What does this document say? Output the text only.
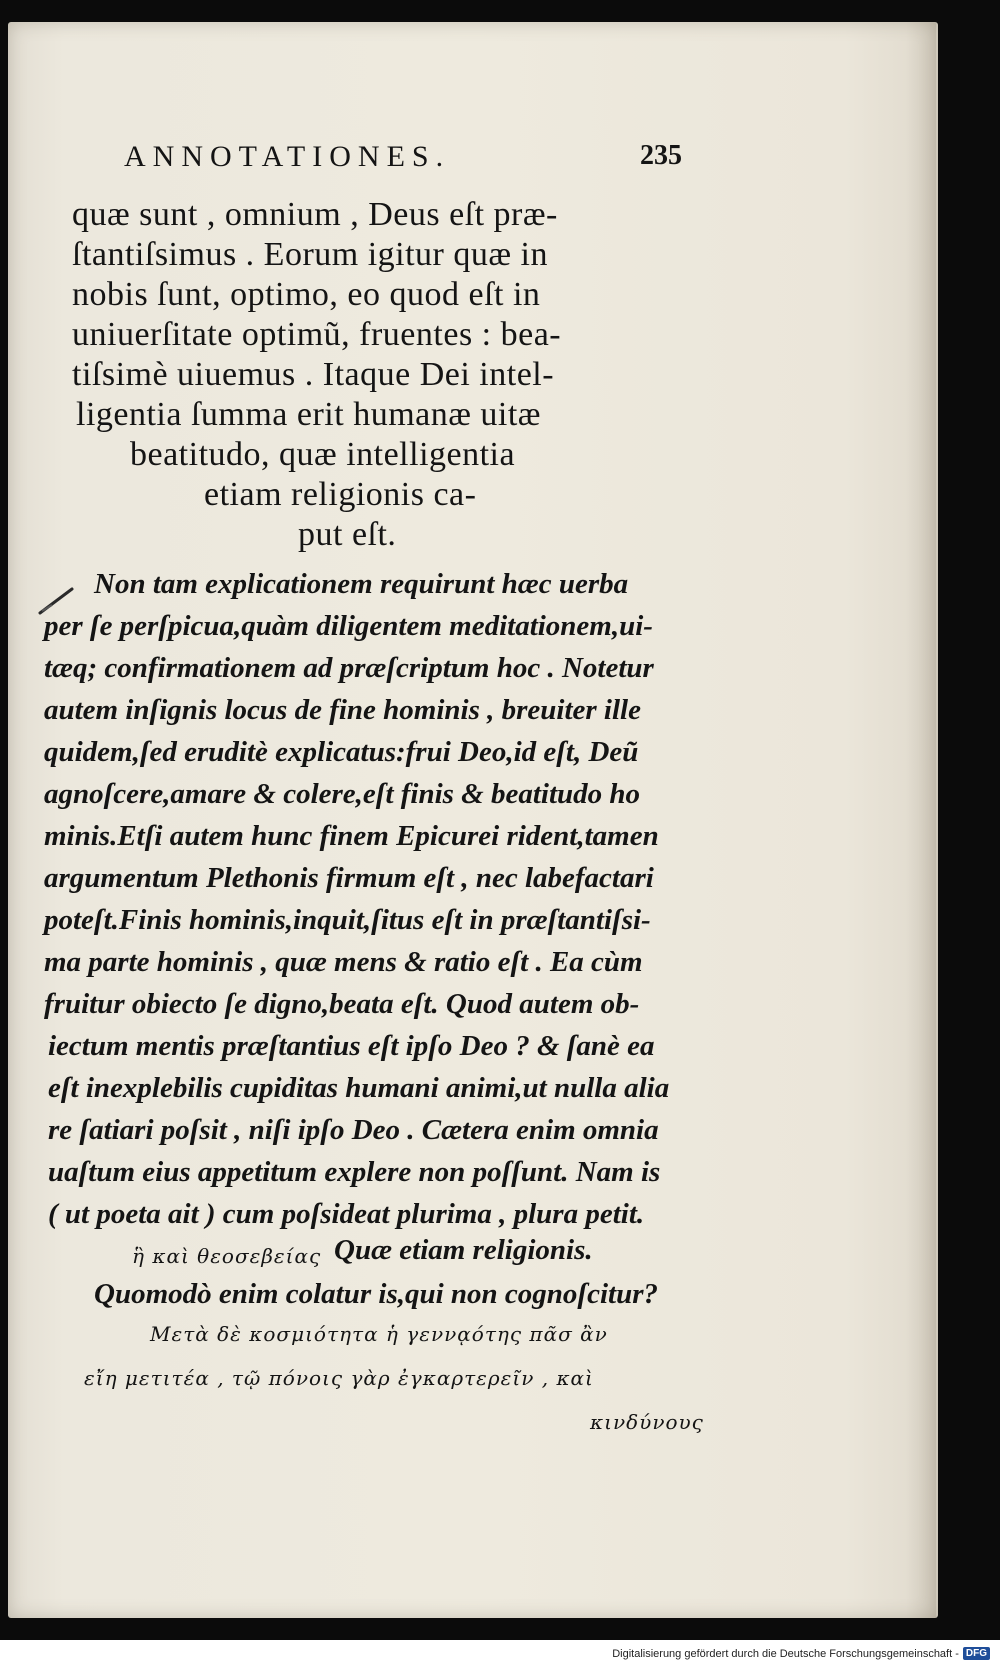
ANNOTATIONES.	235
quæ sunt , omnium , Deus eſt præ-
ſtantiſsimus . Eorum igitur quæ in
nobis ſunt, optimo, eo quod eſt in
uniuerſitate optimũ, fruentes : bea-
tiſsimè uiuemus . Itaque Dei intel-
ligentia ſumma erit humanæ uitæ
beatitudo, quæ intelligentia
etiam religionis ca-
put eſt.
Non tam explicationem requirunt hæc uerba
per ſe perſpicua,quàm diligentem meditationem,ui-
tæq; confirmationem ad præſcriptum hoc . Notetur
autem inſignis locus de fine hominis , breuiter ille
quidem,ſed eruditè explicatus:frui Deo,id eſt, Deũ
agnoſcere,amare & colere,eſt finis & beatitudo ho
minis.Etſi autem hunc finem Epicurei rident,tamen
argumentum Plethonis firmum eſt , nec labefactari
poteſt.Finis hominis,inquit,ſitus eſt in præſtantiſsi-
ma parte hominis , quæ mens & ratio eſt . Ea cùm
fruitur obiecto ſe digno,beata eſt. Quod autem ob-
iectum mentis præſtantius eſt ipſo Deo ? & ſanè ea
eſt inexplebilis cupiditas humani animi,ut nulla alia
re ſatiari poſsit , niſi ipſo Deo . Cætera enim omnia
uaſtum eius appetitum explere non poſſunt. Nam is
( ut poeta ait ) cum poſsideat plurima , plura petit.
ἣ καὶ θεοσεβείας Quæ etiam religionis.
Quomodò enim colatur is,qui non cognoſcitur?
Μετὰ δὲ κοσμιότητα ἡ γεννᾳότης πᾶσ ἂν
εἴη μετιτέα , τῷ πόνοις γὰρ ἐγκαρτερεῖν , καὶ
κινδύνους
Digitalisierung gefördert durch die Deutsche Forschungsgemeinschaft - DFG
